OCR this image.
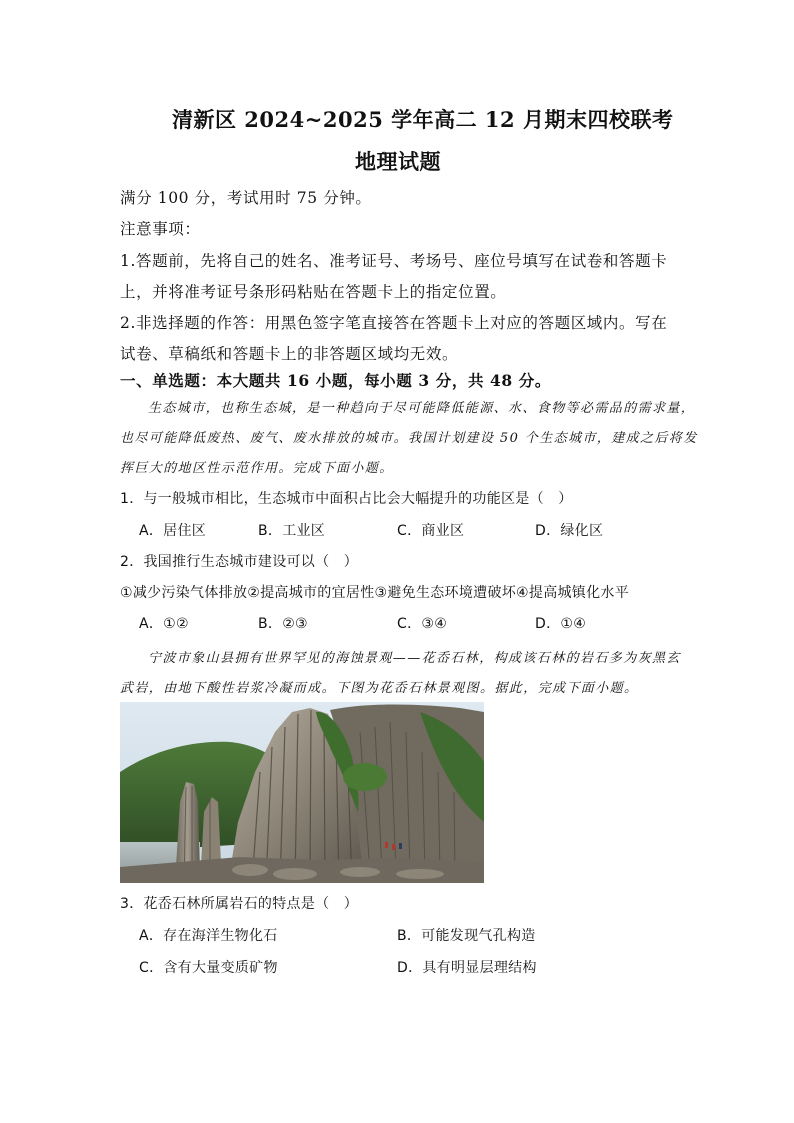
清新区 2024~2025 学年高二 12 月期末四校联考
地理试题
满分 100 分，考试用时 75 分钟。
注意事项：
1.答题前，先将自己的姓名、准考证号、考场号、座位号填写在试卷和答题卡
上，并将准考证号条形码粘贴在答题卡上的指定位置。
2.非选择题的作答：用黑色签字笔直接答在答题卡上对应的答题区域内。写在
试卷、草稿纸和答题卡上的非答题区域均无效。
一、单选题：本大题共 16 小题，每小题 3 分，共 48 分。
生态城市，也称生态城，是一种趋向于尽可能降低能源、水、食物等必需品的需求量，
也尽可能降低废热、废气、废水排放的城市。我国计划建设 50 个生态城市，建成之后将发
挥巨大的地区性示范作用。完成下面小题。
1．与一般城市相比，生态城市中面积占比会大幅提升的功能区是（　）
A．居住区	B．工业区	C．商业区	D．绿化区
2．我国推行生态城市建设可以（　）
①减少污染气体排放②提高城市的宜居性③避免生态环境遭破坏④提高城镇化水平
A．①②	B．②③	C．③④	D．①④
宁波市象山县拥有世界罕见的海蚀景观——花岙石林，构成该石林的岩石多为灰黑玄
武岩，由地下酸性岩浆冷凝而成。下图为花岙石林景观图。据此，完成下面小题。
3．花岙石林所属岩石的特点是（　）
A．存在海洋生物化石	B．可能发现气孔构造
C．含有大量变质矿物	D．具有明显层理结构
